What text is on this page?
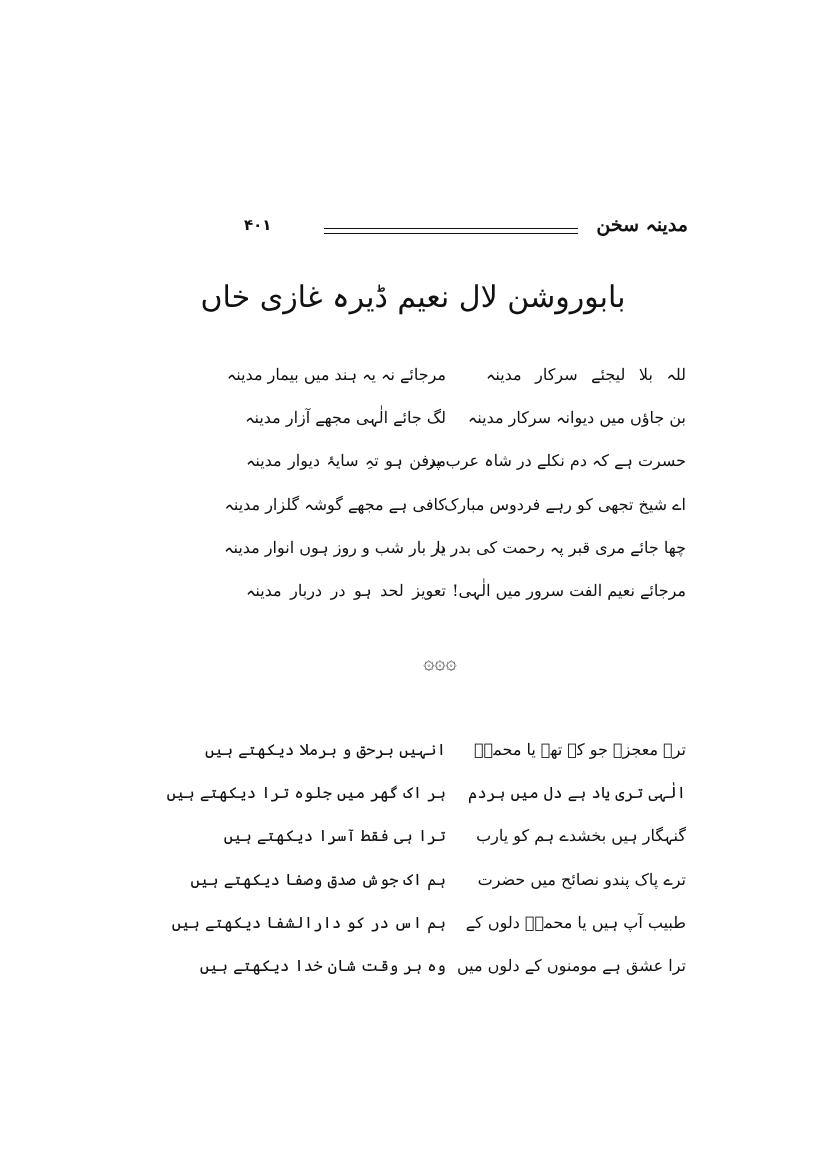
۴۰۱	مدینہ سخن
بابوروشن لال نعیم ڈیرہ غازی خاں
للہ بلا لیجئے سرکار مدینہ
مرجائے نہ یہ ہند میں بیمار مدینہ
بن جاؤں میں دیوانہ سرکار مدینہ
لگ جائے الٰہی مجھے آزار مدینہ
حسرت ہے کہ دم نکلے در شاہ عرب پر
مدفن ہو تہِ سایۂ دیوار مدینہ
اے شیخ تجھی کو رہے فردوس مبارک
کافی ہے مجھے گوشہ گلزار مدینہ
چھا جائے مری قبر پہ رحمت کی بدر یا
در بار شب و روز ہوں انوار مدینہ
مرجائے نعیم الفت سرور میں الٰہی!
تعویز لحد ہو در دربار مدینہ
۞۞۞
ترے معجزے جو کہ تھے یا محمدؐ
انہیں برحق و برملا دیکھتے ہیں
الٰہی تری یاد ہے دل میں ہردم
ہر اک گھر میں جلوہ ترا دیکھتے ہیں
گنہگار ہیں بخشدے ہم کو یارب
ترا ہی فقط آسرا دیکھتے ہیں
ترے پاک پندو نصائح میں حضرت
ہم اک جوش صدق وصفا دیکھتے ہیں
طبیب آپ ہیں یا محمدؐ دلوں کے
ہم اس در کو دارالشفا دیکھتے ہیں
ترا عشق ہے مومنوں کے دلوں میں
وہ ہر وقت شان خدا دیکھتے ہیں
